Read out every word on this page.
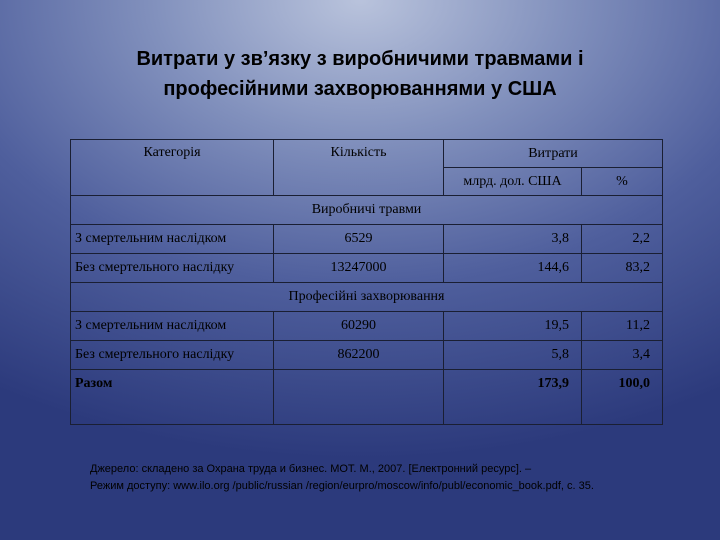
Витрати у зв’язку з виробничими травмами і
професійними захворюваннями у США
Категорія	Кількість	Витрати	
		млрд. дол. США	%
Виробничі травми			
З смертельним наслідком	6529	3,8	2,2
Без смертельного наслідку	13247000	144,6	83,2
Професійні захворювання			
З смертельним наслідком	60290	19,5	11,2
Без смертельного наслідку	862200	5,8	3,4
Разом		173,9	100,0
Джерело: складено за Охрана труда и бизнес. МОТ. М., 2007. [Електронний ресурс]. –
Режим доступу: www.ilo.org /public/russian /region/eurpro/moscow/info/publ/economic_book.pdf, с. 35.
